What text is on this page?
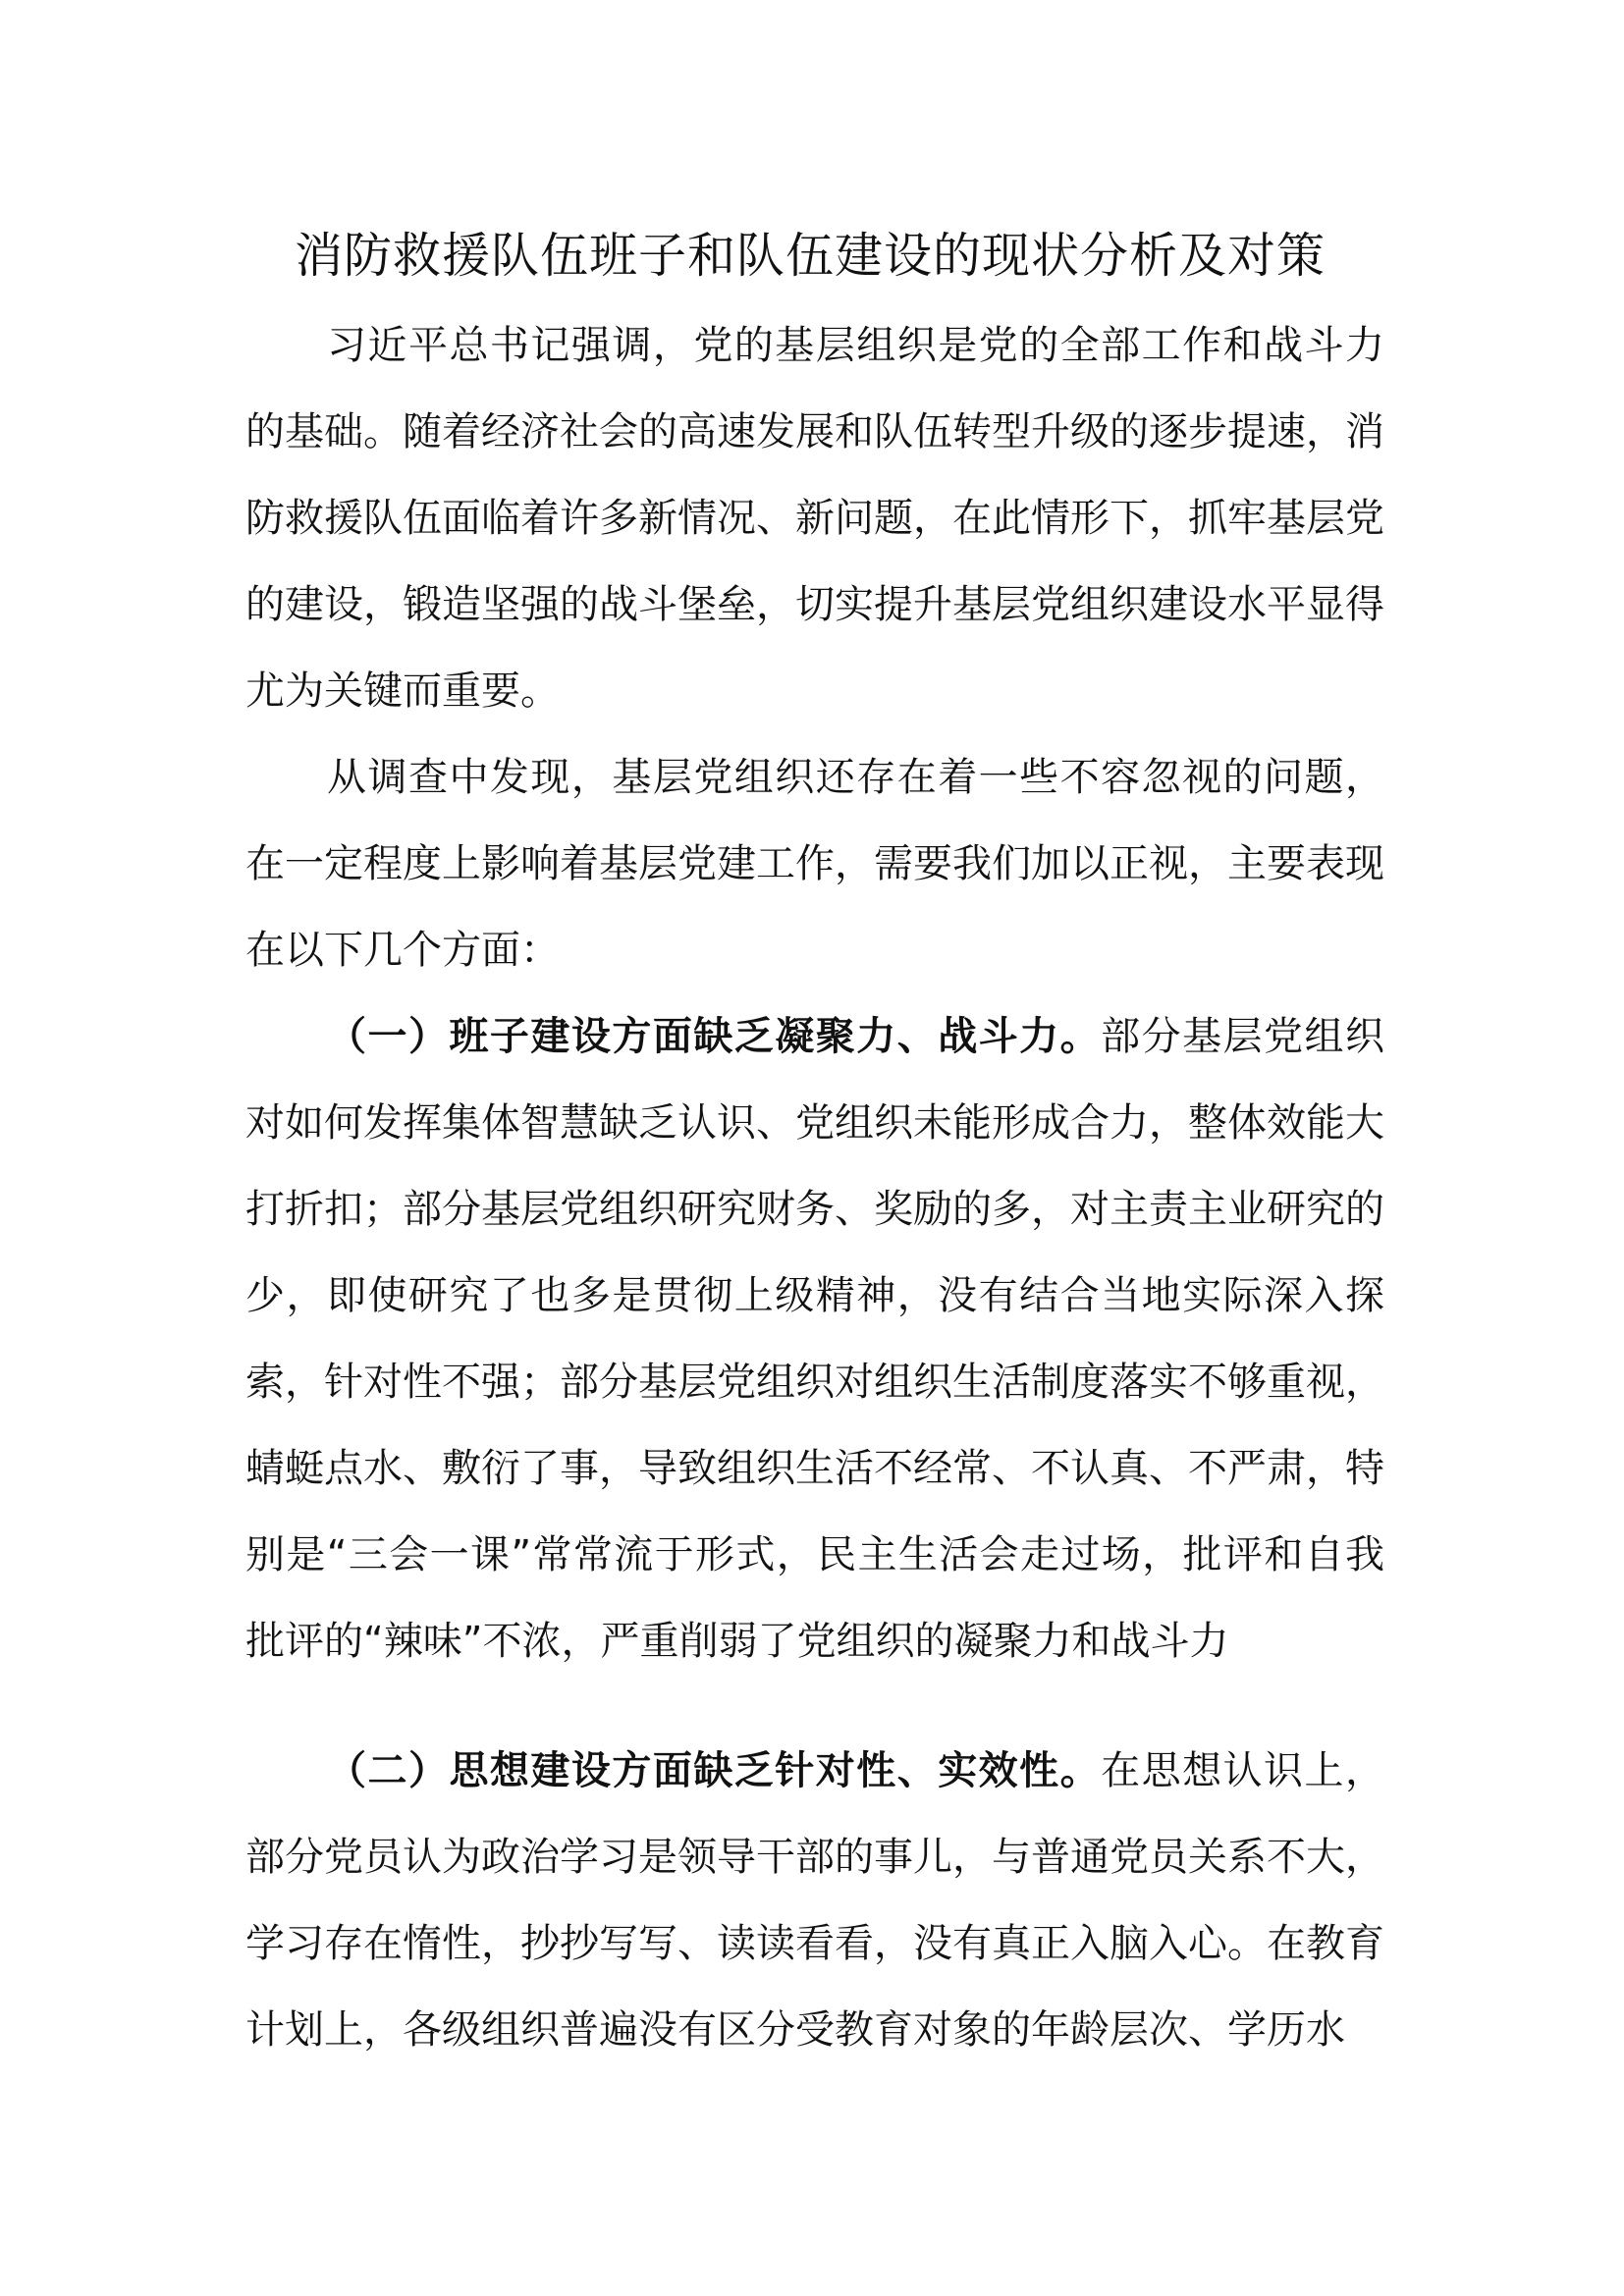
消防救援队伍班子和队伍建设的现状分析及对策

习近平总书记强调，党的基层组织是党的全部工作和战斗力的基础。随着经济社会的高速发展和队伍转型升级的逐步提速，消防救援队伍面临着许多新情况、新问题，在此情形下，抓牢基层党的建设，锻造坚强的战斗堡垒，切实提升基层党组织建设水平显得尤为关键而重要。

从调查中发现，基层党组织还存在着一些不容忽视的问题，在一定程度上影响着基层党建工作，需要我们加以正视，主要表现在以下几个方面：

（一）班子建设方面缺乏凝聚力、战斗力。部分基层党组织对如何发挥集体智慧缺乏认识、党组织未能形成合力，整体效能大打折扣；部分基层党组织研究财务、奖励的多，对主责主业研究的少，即使研究了也多是贯彻上级精神，没有结合当地实际深入探索，针对性不强；部分基层党组织对组织生活制度落实不够重视，蜻蜓点水、敷衍了事，导致组织生活不经常、不认真、不严肃，特别是“三会一课”常常流于形式，民主生活会走过场，批评和自我批评的“辣味”不浓，严重削弱了党组织的凝聚力和战斗力

（二）思想建设方面缺乏针对性、实效性。在思想认识上，部分党员认为政治学习是领导干部的事儿，与普通党员关系不大，学习存在惰性，抄抄写写、读读看看，没有真正入脑入心。在教育计划上，各级组织普遍没有区分受教育对象的年龄层次、学历水
